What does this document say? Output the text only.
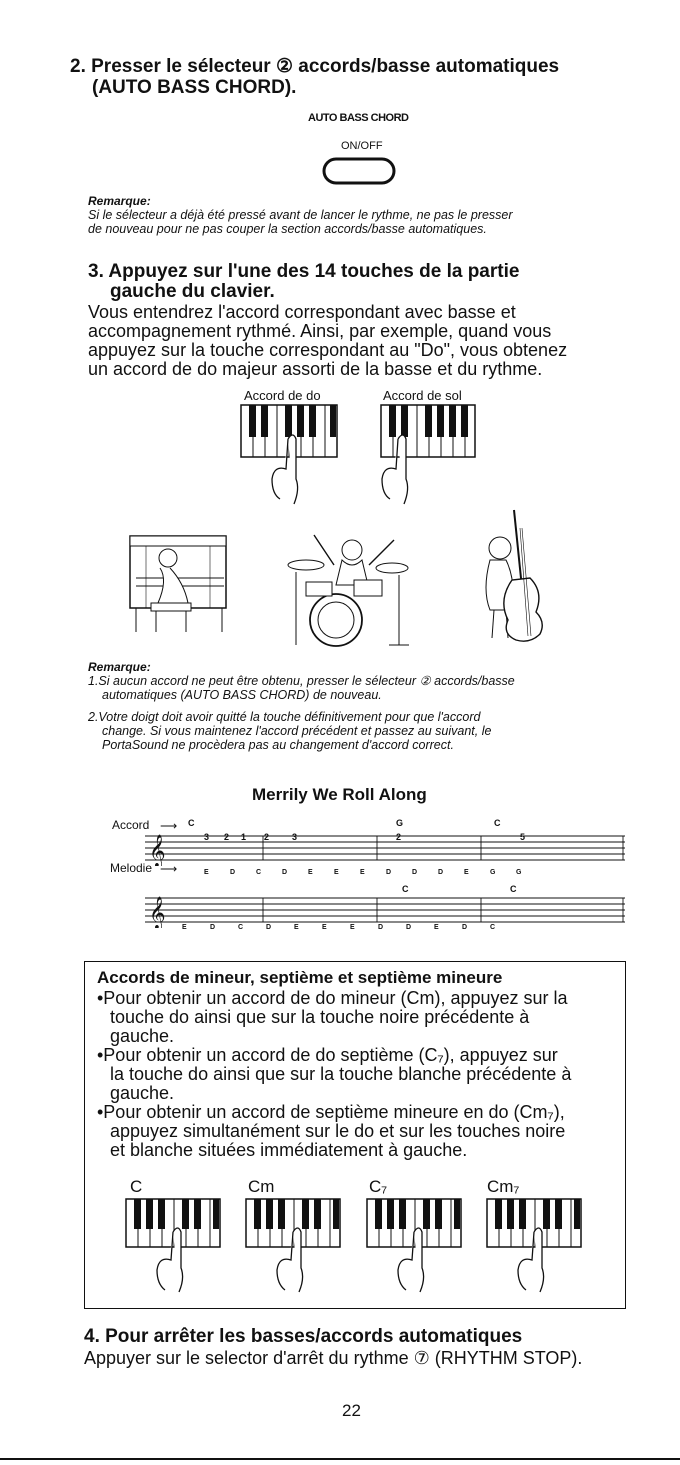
2. Presser le sélecteur ② accords/basse automatiques
(AUTO BASS CHORD).
AUTO BASS CHORD
ON/OFF
Remarque:
Si le sélecteur a déjà été pressé avant de lancer le rythme, ne pas le presser
de nouveau pour ne pas couper la section accords/basse automatiques.
3. Appuyez sur l'une des 14 touches de la partie
gauche du clavier.
Vous entendrez l'accord correspondant avec basse et
accompagnement rythmé. Ainsi, par exemple, quand vous
appuyez sur la touche correspondant au "Do", vous obtenez
un accord de do majeur assorti de la basse et du rythme.
Accord de do	Accord de sol
Remarque:
1.Si aucun accord ne peut être obtenu, presser le sélecteur ② accords/basse
automatiques (AUTO BASS CHORD) de nouveau.
2.Votre doigt doit avoir quitté la touche définitivement pour que l'accord
change. Si vous maintenez l'accord précédent et passez au suivant, le
PortaSound ne procèdera pas au changement d'accord correct.
Merrily We Roll Along
Accord
Melodie
⟶
⟶
C	G	C
C	C
𝄞
𝄞
3 2 1 2	3	2	5
E	D	C	D	E	E	E	D	D	D	E	G	G
E	D	C	D	E	E	E	D	D	E	D	C
Accords de mineur, septième et septième mineure
•Pour obtenir un accord de do mineur (Cm), appuyez sur la
touche do ainsi que sur la touche noire précédente à
gauche.
•Pour obtenir un accord de do septième (C₇), appuyez sur
la touche do ainsi que sur la touche blanche précédente à
gauche.
•Pour obtenir un accord de septième mineure en do (Cm₇),
appuyez simultanément sur le do et sur les touches noire
et blanche situées immédiatement à gauche.
C	Cm	C₇	Cm₇
4. Pour arrêter les basses/accords automatiques
Appuyer sur le selector d'arrêt du rythme ⑦ (RHYTHM STOP).
22
